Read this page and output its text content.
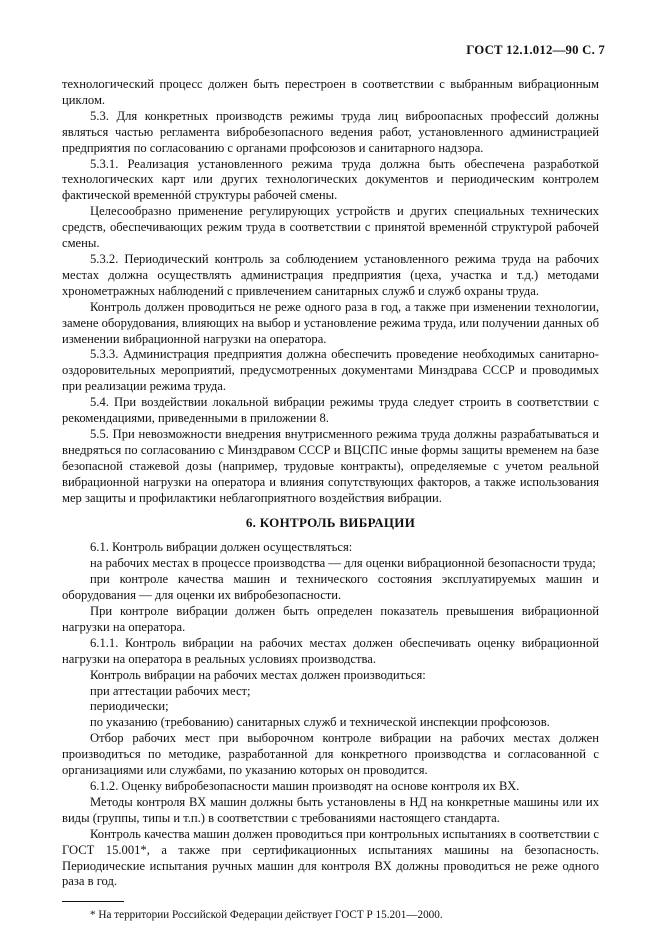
ГОСТ 12.1.012—90 С. 7

технологический процесс должен быть перестроен в соответствии с выбранным вибрационным циклом.

5.3. Для конкретных производств режимы труда лиц виброопасных профессий должны являться частью регламента вибробезопасного ведения работ, установленного администрацией предприятия по согласованию с органами профсоюзов и санитарного надзора.

5.3.1. Реализация установленного режима труда должна быть обеспечена разработкой технологических карт или других технологических документов и периодическим контролем фактической временнóй структуры рабочей смены.

Целесообразно применение регулирующих устройств и других специальных технических средств, обеспечивающих режим труда в соответствии с принятой временнóй структурой рабочей смены.

5.3.2. Периодический контроль за соблюдением установленного режима труда на рабочих местах должна осуществлять администрация предприятия (цеха, участка и т.д.) методами хронометражных наблюдений с привлечением санитарных служб и служб охраны труда.

Контроль должен проводиться не реже одного раза в год, а также при изменении технологии, замене оборудования, влияющих на выбор и установление режима труда, или получении данных об изменении вибрационной нагрузки на оператора.

5.3.3. Администрация предприятия должна обеспечить проведение необходимых санитарно-оздоровительных мероприятий, предусмотренных документами Минздрава СССР и проводимых при реализации режима труда.

5.4. При воздействии локальной вибрации режимы труда следует строить в соответствии с рекомендациями, приведенными в приложении 8.

5.5. При невозможности внедрения внутрисменного режима труда должны разрабатываться и внедряться по согласованию с Минздравом СССР и ВЦСПС иные формы защиты временем на базе безопасной стажевой дозы (например, трудовые контракты), определяемые с учетом реальной вибрационной нагрузки на оператора и влияния сопутствующих факторов, а также использования мер защиты и профилактики неблагоприятного воздействия вибрации.

6. КОНТРОЛЬ ВИБРАЦИИ

6.1. Контроль вибрации должен осуществляться:

на рабочих местах в процессе производства — для оценки вибрационной безопасности труда;

при контроле качества машин и технического состояния эксплуатируемых машин и оборудования — для оценки их вибробезопасности.

При контроле вибрации должен быть определен показатель превышения вибрационной нагрузки на оператора.

6.1.1. Контроль вибрации на рабочих местах должен обеспечивать оценку вибрационной нагрузки на оператора в реальных условиях производства.

Контроль вибрации на рабочих местах должен производиться:

при аттестации рабочих мест;

периодически;

по указанию (требованию) санитарных служб и технической инспекции профсоюзов.

Отбор рабочих мест при выборочном контроле вибрации на рабочих местах должен производиться по методике, разработанной для конкретного производства и согласованной с организациями или службами, по указанию которых он проводится.

6.1.2. Оценку вибробезопасности машин производят на основе контроля их ВХ.

Методы контроля ВХ машин должны быть установлены в НД на конкретные машины или их виды (группы, типы и т.п.) в соответствии с требованиями настоящего стандарта.

Контроль качества машин должен проводиться при контрольных испытаниях в соответствии с ГОСТ 15.001*, а также при сертификационных испытаниях машины на безопасность. Периодические испытания ручных машин для контроля ВХ должны проводиться не реже одного раза в год.

* На территории Российской Федерации действует ГОСТ Р 15.201—2000.
